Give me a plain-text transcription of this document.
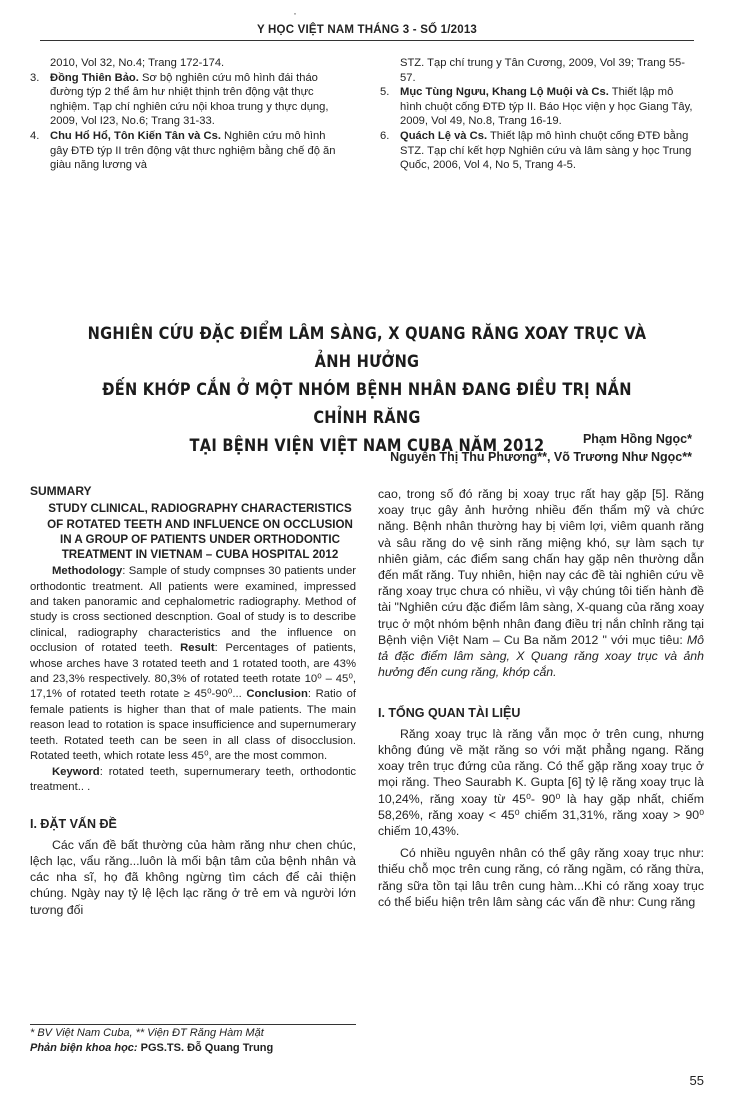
·
Y HỌC VIỆT NAM THÁNG 3 - SỐ 1/2013
2010, Vol 32, No.4; Trang 172-174.
3. Đồng Thiên Bảo. Sơ bộ nghiên cứu mô hình đái tháo đường týp 2 thể âm hư nhiệt thịnh trên động vật thực nghiệm. Tạp chí nghiên cứu nội khoa trung y thực dụng, 2009, Vol I23, No.6; Trang 31-33.
4. Chu Hổ Hổ, Tôn Kiến Tân và Cs. Nghiên cứu mô hình gây ĐTĐ týp II trên động vật thưc nghiệm bằng chế độ ăn giàu năng lương và
STZ. Tạp chí trung y Tân Cương, 2009, Vol 39; Trang 55-57.
5. Mục Tùng Ngưu, Khang Lộ Muội và Cs. Thiết lập mô hình chuột cống ĐTĐ týp II. Báo Học viện y học Giang Tây, 2009, Vol 49, No.8, Trang 16-19.
6. Quách Lệ và Cs. Thiết lập mô hình chuột cống ĐTĐ bằng STZ. Tạp chí kết hợp Nghiên cứu và lâm sàng y học Trung Quốc, 2006, Vol 4, No 5, Trang 4-5.
NGHIÊN CỨU ĐẶC ĐIỂM LÂM SÀNG, X QUANG RĂNG XOAY TRỤC VÀ ẢNH HƯỞNG
ĐẾN KHỚP CẮN Ở MỘT NHÓM BỆNH NHÂN ĐANG ĐIỀU TRỊ NẮN CHỈNH RĂNG
TẠI BỆNH VIỆN VIỆT NAM CUBA NĂM 2012	Phạm Hồng Ngọc*
Nguyễn Thị Thu Phương**, Võ Trương Như Ngọc**
SUMMARY
STUDY CLINICAL, RADIOGRAPHY CHARACTERISTICS OF ROTATED TEETH AND INFLUENCE ON OCCLUSION IN A GROUP OF PATIENTS UNDER ORTHODONTIC TREATMENT IN VIETNAM – CUBA HOSPITAL 2012

Methodology: Sample of study compnses 30 patients under orthodontic treatment. All patients were examined, impressed and taken panoramic and cephalometric radiography. Method of study is cross sectioned descnption. Goal of study is to describe clinical, radiography characteristics and the influence on occlusion of rotated teeth. Result: Percentages of patients, whose arches have 3 rotated teeth and 1 rotated tooth, are 43% and 23,3% respectively. 80,3% of rotated teeth rotate 10⁰ – 45⁰, 17,1% of rotated teeth rotate ≥ 45⁰-90⁰... Conclusion: Ratio of female patients is higher than that of male patients. The main reason lead to rotation is space insufficience and supernumerary teeth. Rotated teeth can be seen in all class of disocclusion. Rotated teeth, which rotate less 45⁰, are the most common.

Keyword: rotated teeth, supernumerary teeth, orthodontic treatment.. .

I. ĐẶT VẤN ĐỀ

Các vấn đề bất thường của hàm răng như chen chúc, lệch lạc, vẩu răng...luôn là mối bận tâm của bệnh nhân và các nha sĩ, họ đã không ngừng tìm cách để cải thiện chúng. Ngày nay tỷ lệ lệch lạc răng ở trẻ em và người lớn tương đối

cao, trong số đó răng bị xoay trục rất hay gặp [5]. Răng xoay trục gây ảnh hưởng nhiều đến thẩm mỹ và chức năng. Bệnh nhân thường hay bị viêm lợi, viêm quanh răng và sâu răng do vệ sinh răng miệng khó, sự làm sạch tự nhiên giảm, các điểm sang chấn hay gặp nên thường dẫn đến mất răng. Tuy nhiên, hiện nay các đề tài nghiên cứu về răng xoay trục chưa có nhiều, vì vậy chúng tôi tiến hành đề tài "Nghiên cứu đặc điểm lâm sàng, X-quang của răng xoay trục ở một nhóm bệnh nhân đang điều trị nắn chỉnh răng tại Bệnh viện Việt Nam – Cu Ba năm 2012 " với mục tiêu: Mô tả đặc điểm lâm sàng, X Quang răng xoay trục và ảnh hưởng đến cung răng, khớp cắn.

I. TỔNG QUAN TÀI LIỆU

Răng xoay trục là răng vẫn mọc ở trên cung, nhưng không đúng về mặt răng so với mặt phẳng ngang. Răng xoay trên trục đứng của răng. Có thể gặp răng xoay trục ở mọi răng. Theo Saurabh K. Gupta [6] tỷ lệ răng xoay trục là 10,24%, răng xoay từ 45⁰- 90⁰ là hay gặp nhất, chiếm 58,26%, răng xoay < 45⁰ chiếm 31,31%, răng xoay > 90⁰ chiếm 10,43%.

Có nhiều nguyên nhân có thể gây răng xoay trục như: thiếu chỗ mọc trên cung răng, có răng ngầm, có răng thừa, răng sữa tồn tại lâu trên cung hàm...Khi có răng xoay trục có thể biểu hiện trên lâm sàng các vấn đề như: Cung răng

* BV Việt Nam Cuba, ** Viện ĐT Răng Hàm Mặt
Phản biện khoa học: PGS.TS. Đỗ Quang Trung
55
